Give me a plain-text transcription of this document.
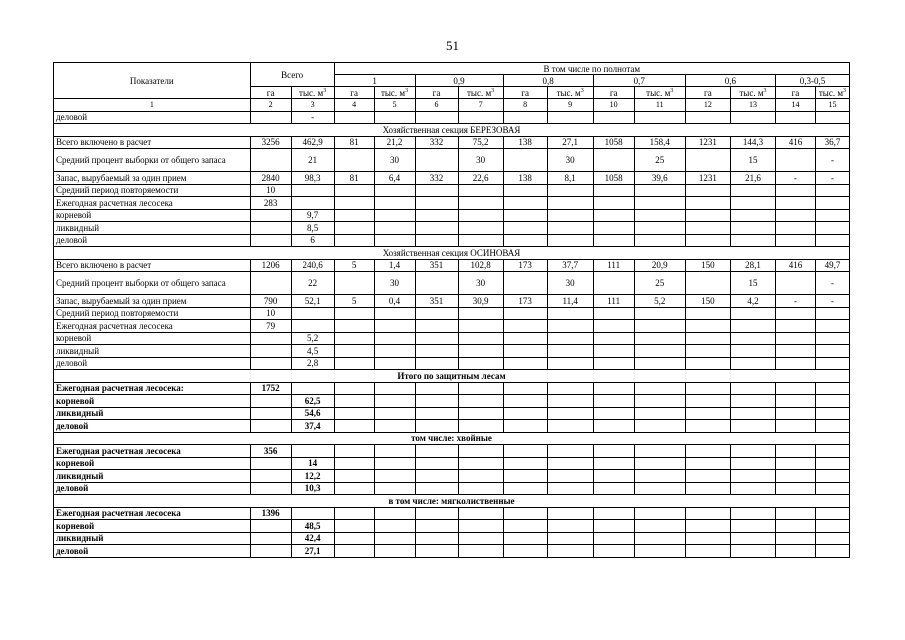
51
Показатели	Всего		В том числе по полнотам											
			1		0,9		0,8		0,7		0,6		0,3-0,5	
	га	тыс. $м^3$	га	тыс. $м^3$	га	тыс. $м^3$	га	тыс. $м^3$	га	тыс. $м^3$	га	тыс. $м^3$	га	тыс. $м^3$
1	2	3	4	5	6	7	8	9	10	11	12	13	14	15
деловой		-												
Хозяйственная секция БЕРЕЗОВАЯ														
Всего включено в расчет	3256	462,9	81	21,2	332	75,2	138	27,1	1058	158,4	1231	144,3	416	36,7
Средний процент выборки от общего запаса		21		30		30		30		25		15		-
Запас, вырубаемый за один прием	2840	98,3	81	6,4	332	22,6	138	8,1	1058	39,6	1231	21,6	-	-
Средний период повторяемости	10													
Ежегодная расчетная лесосека	283													
корневой		9,7												
ликвидный		8,5												
деловой		6												
Хозяйственная секция ОСИНОВАЯ														
Всего включено в расчет	1206	240,6	5	1,4	351	102,8	173	37,7	111	20,9	150	28,1	416	49,7
Средний процент выборки от общего запаса		22		30		30		30		25		15		-
Запас, вырубаемый за один прием	790	52,1	5	0,4	351	30,9	173	11,4	111	5,2	150	4,2	-	-
Средний период повторяемости	10													
Ежегодная расчетная лесосека	79													
корневой		5,2												
ликвидный		4,5												
деловой		2,8												
Итого по защитным лесам														
Ежегодная расчетная лесосека:	1752													
корневой		62,5												
ликвидный		54,6												
деловой		37,4												
том числе: хвойные														
Ежегодная расчетная лесосека	356													
корневой		14												
ликвидный		12,2												
деловой		10,3												
в том числе: мягколиственные														
Ежегодная расчетная лесосека	1396													
корневой		48,5												
ликвидный		42,4												
деловой		27,1												
